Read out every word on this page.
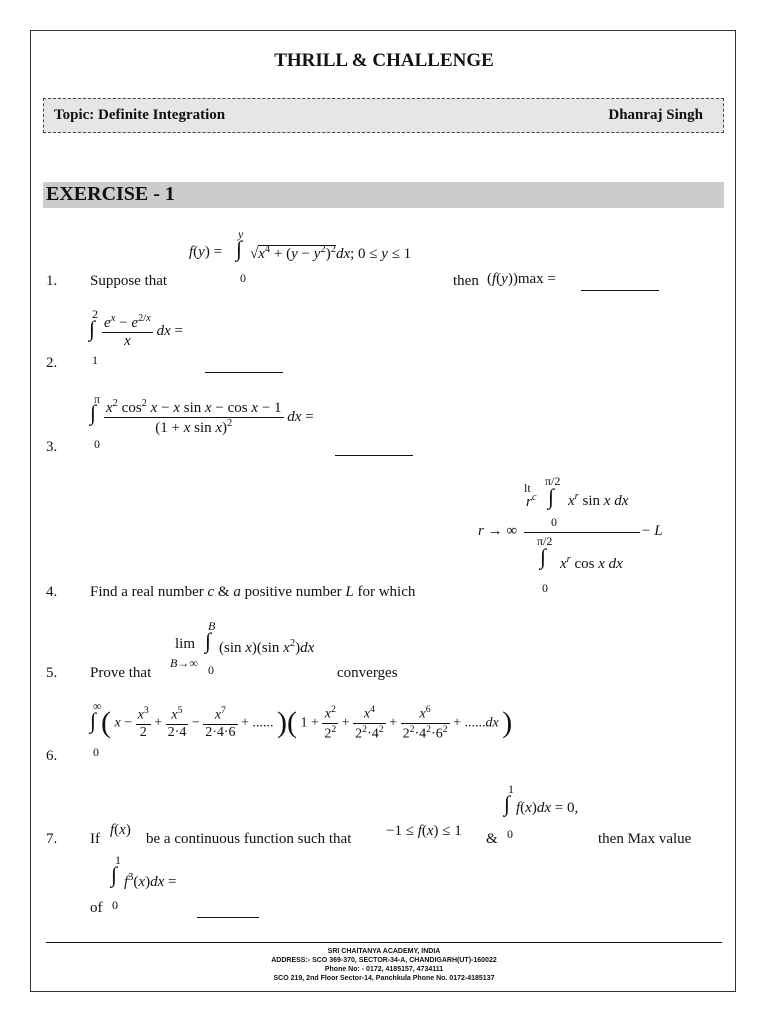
THRILL & CHALLENGE
Topic: Definite Integration	Dhanraj Singh
EXERCISE - 1
1. Suppose that
f(y) =
y
∫
0
$√x^4 + (y - y^2)^2dx$; 0 ≤ y ≤ 1
then (f(y))max =
2.
2
∫
1
$\frac{e^x - e^{2/x}}{x}$ dx =
3.
π
∫
0
$\frac{x^2 \cos^2 x - x \sin x - \cos x - 1}{(1 + x \sin x)^2}$ dx =
4. Find a real number c & a positive number L for which
lt
r → ∞
$r^c$
π/2
∫
0
$x^r$ sin x dx
− L
π/2
∫
0
$x^r$ cos x dx
5. Prove that
lim
B→∞
B
∫
0
(sin x)(sin $x^2)dx$
converges
6.
∞
∫
0
( $x - \frac{x^3}{2} + \frac{x^5}{2\cdot 4} - \frac{x^7}{2\cdot 4\cdot 6}$ + ...... )( $1 + \frac{x^2}{2^2} + \frac{x^4}{2^2\cdot 4^2} + \frac{x^6}{2^2\cdot 4^2\cdot 6^2} + ......dx$ )
7. If
f(x)
be a continuous function such that −1 ≤ f(x) ≤ 1 &
1
∫
0
f(x)dx = 0,
then Max value
1
∫
of 0
$f^3(x)dx$ =
SRI CHAITANYA ACADEMY, INDIA
ADDRESS:- SCO 369-370, SECTOR-34-A, CHANDIGARH(UT)-160022
Phone No: - 0172, 4185157, 4734111
SCO 219, 2nd Floor Sector-14, Panchkula Phone No. 0172-4185137
